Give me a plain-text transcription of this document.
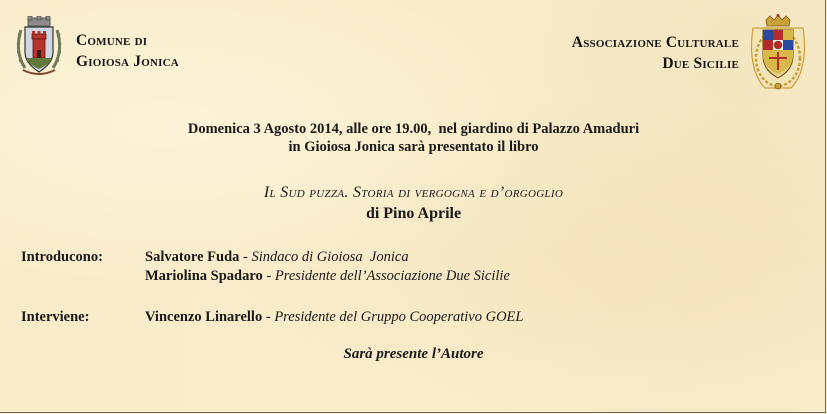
Comune di
Gioiosa Jonica
Associazione Culturale
Due Sicilie
Domenica 3 Agosto 2014, alle ore 19.00,  nel giardino di Palazzo Amaduri
in Gioiosa Jonica sarà presentato il libro
Il Sud puzza. Storia di vergogna e d’orgoglio
di Pino Aprile
Introducono:	Salvatore Fuda - Sindaco di Gioiosa  Jonica
Mariolina Spadaro - Presidente dell’Associazione Due Sicilie
Interviene:	Vincenzo Linarello - Presidente del Gruppo Cooperativo GOEL
Sarà presente l’Autore
